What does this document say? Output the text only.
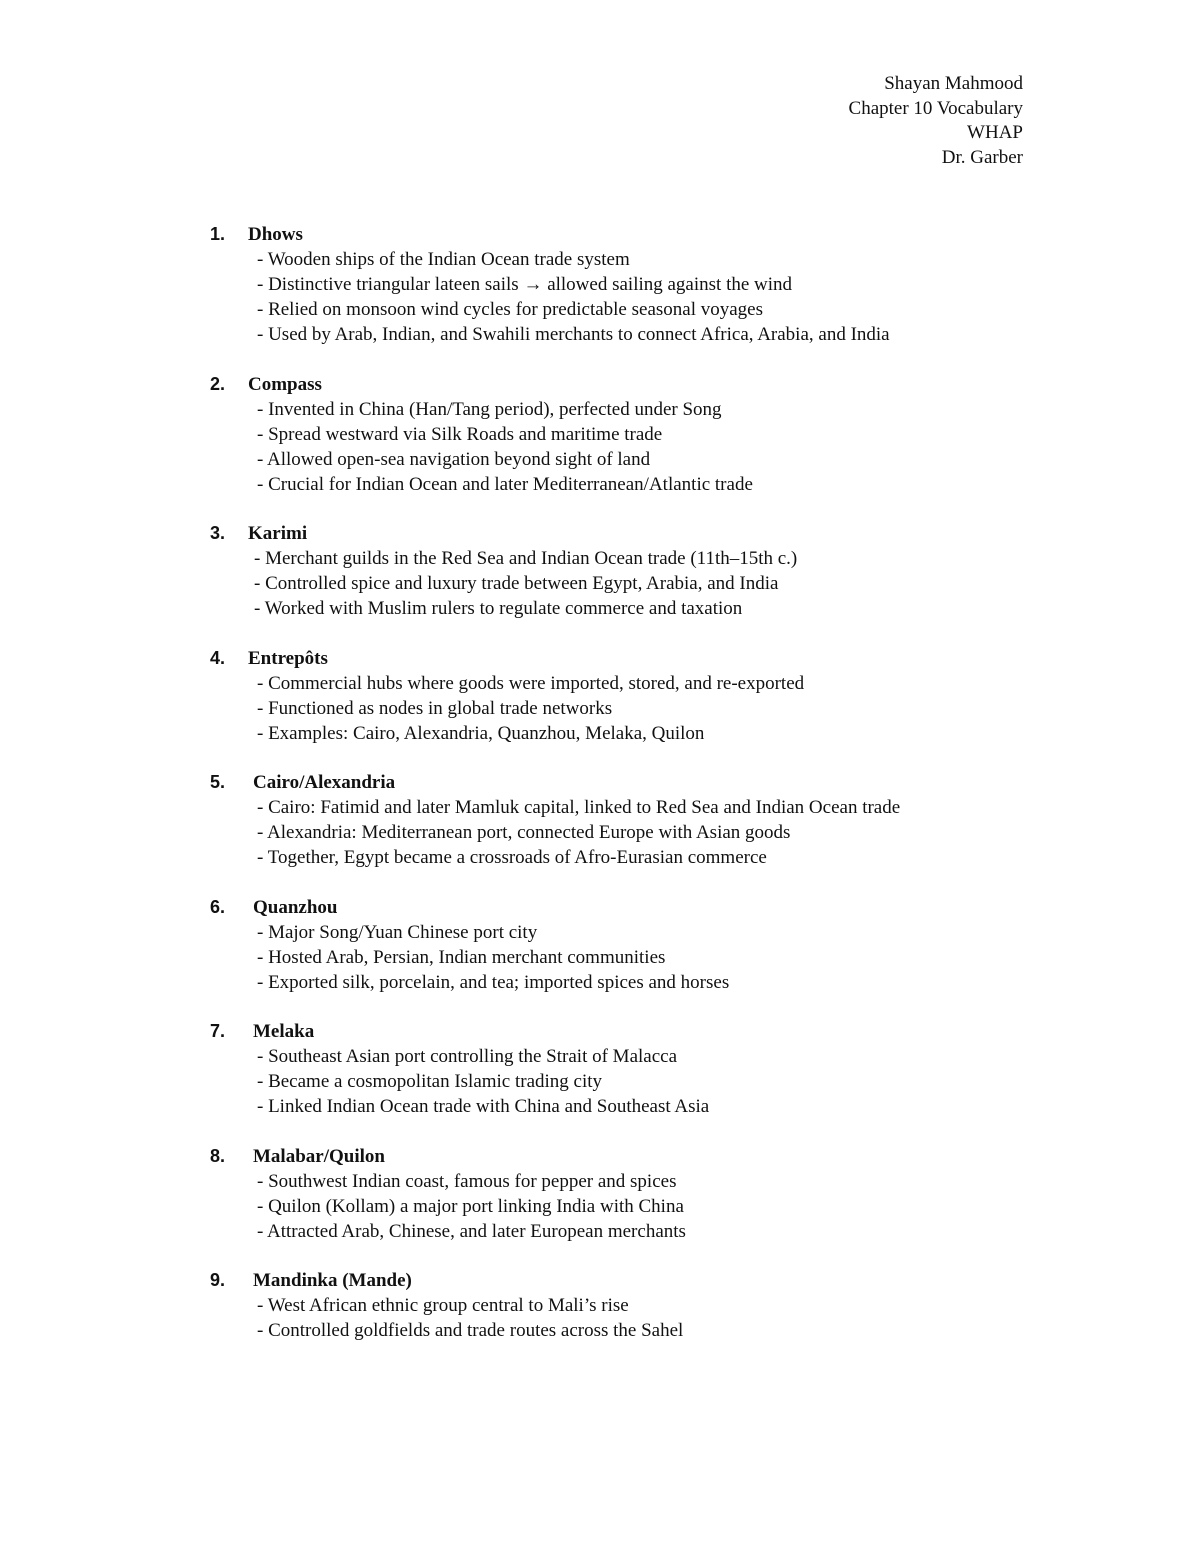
Shayan Mahmood
Chapter 10 Vocabulary
WHAP
Dr. Garber
1. Dhows
- Wooden ships of the Indian Ocean trade system
- Distinctive triangular lateen sails → allowed sailing against the wind
- Relied on monsoon wind cycles for predictable seasonal voyages
- Used by Arab, Indian, and Swahili merchants to connect Africa, Arabia, and India
2. Compass
- Invented in China (Han/Tang period), perfected under Song
- Spread westward via Silk Roads and maritime trade
- Allowed open-sea navigation beyond sight of land
- Crucial for Indian Ocean and later Mediterranean/Atlantic trade
3. Karimi
- Merchant guilds in the Red Sea and Indian Ocean trade (11th–15th c.)
- Controlled spice and luxury trade between Egypt, Arabia, and India
- Worked with Muslim rulers to regulate commerce and taxation
4. Entrepôts
- Commercial hubs where goods were imported, stored, and re-exported
- Functioned as nodes in global trade networks
- Examples: Cairo, Alexandria, Quanzhou, Melaka, Quilon
5. Cairo/Alexandria
- Cairo: Fatimid and later Mamluk capital, linked to Red Sea and Indian Ocean trade
- Alexandria: Mediterranean port, connected Europe with Asian goods
- Together, Egypt became a crossroads of Afro-Eurasian commerce
6. Quanzhou
- Major Song/Yuan Chinese port city
- Hosted Arab, Persian, Indian merchant communities
- Exported silk, porcelain, and tea; imported spices and horses
7. Melaka
- Southeast Asian port controlling the Strait of Malacca
- Became a cosmopolitan Islamic trading city
- Linked Indian Ocean trade with China and Southeast Asia
8. Malabar/Quilon
- Southwest Indian coast, famous for pepper and spices
- Quilon (Kollam) a major port linking India with China
- Attracted Arab, Chinese, and later European merchants
9. Mandinka (Mande)
- West African ethnic group central to Mali’s rise
- Controlled goldfields and trade routes across the Sahel
